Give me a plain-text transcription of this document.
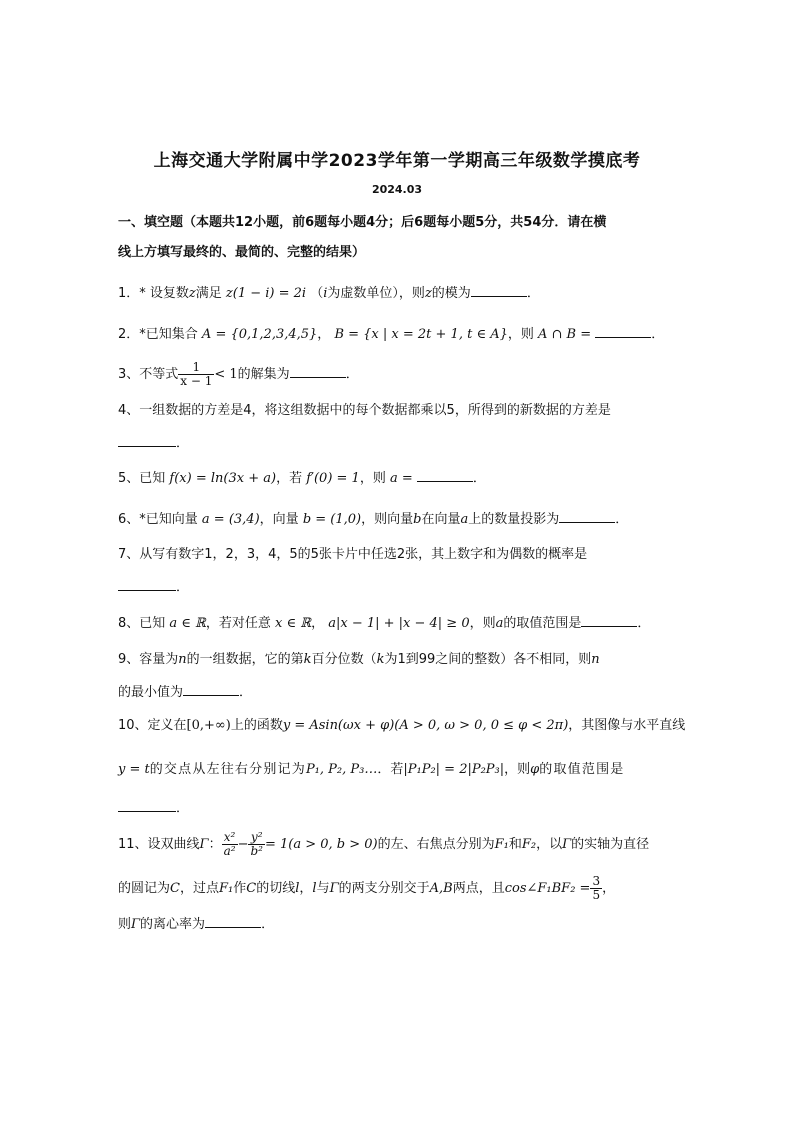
上海交通大学附属中学2023学年第一学期高三年级数学摸底考
2024.03
一、填空题（本题共12小题，前6题每小题4分；后6题每小题5分，共54分．请在横
线上方填写最终的、最简的、完整的结果）
1．* 设复数z满足 z(1 − i) = 2i （i为虚数单位），则z的模为	．
2．*已知集合 A = {0,1,2,3,4,5}， B = {x | x = 2t + 1, t ∈ A}，则 A ∩ B =	．
3、不等式 $\frac{1}{x - 1} < 1$的解集为	．
4、一组数据的方差是4，将这组数据中的每个数据都乘以5，所得到的新数据的方差是
．
5、已知 f(x) = ln(3x + a)，若 f′(0) = 1，则 a =	．
6、*已知向量 a = (3,4)，向量 b = (1,0)，则向量b在向量a上的数量投影为	．
7、从写有数字1，2，3，4，5的5张卡片中任选2张，其上数字和为偶数的概率是
．
8、已知 a ∈ ℝ，若对任意 x ∈ ℝ， a|x − 1| + |x − 4| ≥ 0，则a的取值范围是	．
9、容量为n的一组数据，它的第k百分位数（k为1到99之间的整数）各不相同，则n
的最小值为	．
10、定义在[0,+∞)上的函数y = Asin(ωx + φ)(A > 0, ω > 0, 0 ≤ φ < 2π)，其图像与水平直线
y = t的交点从左往右分别记为P₁, P₂, P₃…．若|P₁P₂| = 2|P₂P₃|，则φ的取值范围是
．
11、设双曲线Γ： $\frac{\text{x²}}{\text{a²}} - \frac{\text{y²}}{\text{b²}} = 1(a > 0$, b > 0)的左、右焦点分别为F₁和F₂，以Γ的实轴为直径
的圆记为C，过点F₁作C的切线l，l与Γ的两支分别交于A,B两点，且cos∠F₁BF₂ = $\frac{3}{5}$ ，
则Γ的离心率为	．
